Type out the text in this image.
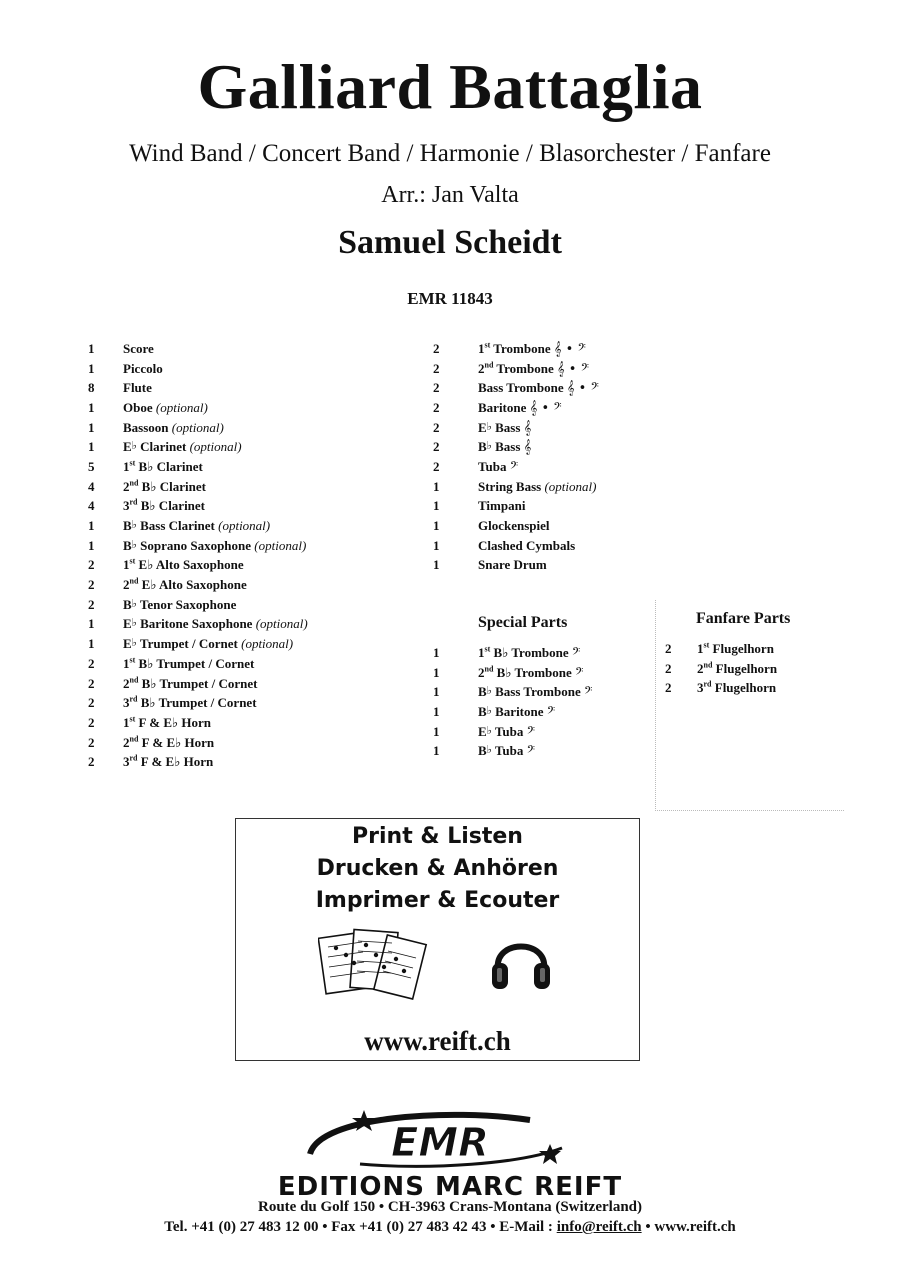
Galliard Battaglia
Wind Band / Concert Band / Harmonie / Blasorchester / Fanfare
Arr.: Jan Valta
Samuel Scheidt
EMR 11843
1	Score
1	Piccolo
8	Flute
1	Oboe (optional)
1	Bassoon (optional)
1	E♭ Clarinet (optional)
5	1st B♭ Clarinet
4	2nd B♭ Clarinet
4	3rd B♭ Clarinet
1	B♭ Bass Clarinet (optional)
1	B♭ Soprano Saxophone (optional)
2	1st E♭ Alto Saxophone
2	2nd E♭ Alto Saxophone
2	B♭ Tenor Saxophone
1	E♭ Baritone Saxophone (optional)
1	E♭ Trumpet / Cornet (optional)
2	1st B♭ Trumpet / Cornet
2	2nd B♭ Trumpet / Cornet
2	3rd B♭ Trumpet / Cornet
2	1st F & E♭ Horn
2	2nd F & E♭ Horn
2	3rd F & E♭ Horn
2	1st Trombone 𝄞 • 𝄢
2	2nd Trombone 𝄞 • 𝄢
2	Bass Trombone 𝄞 • 𝄢
2	Baritone 𝄞 • 𝄢
2	E♭ Bass 𝄞
2	B♭ Bass 𝄞
2	Tuba 𝄢
1	String Bass (optional)
1	Timpani
1	Glockenspiel
1	Clashed Cymbals
1	Snare Drum
Special Parts
1	1st B♭ Trombone 𝄢
1	2nd B♭ Trombone 𝄢
1	B♭ Bass Trombone 𝄢
1	B♭ Baritone 𝄢
1	E♭ Tuba 𝄢
1	B♭ Tuba 𝄢
Fanfare Parts
2	1st Flugelhorn
2	2nd Flugelhorn
2	3rd Flugelhorn
Print & Listen
Drucken & Anhören
Imprimer & Ecouter
www.reift.ch
EMR
EDITIONS MARC REIFT
Route du Golf 150 • CH-3963 Crans-Montana (Switzerland)
Tel. +41 (0) 27 483 12 00 • Fax +41 (0) 27 483 42 43 • E-Mail : info@reift.ch • www.reift.ch
